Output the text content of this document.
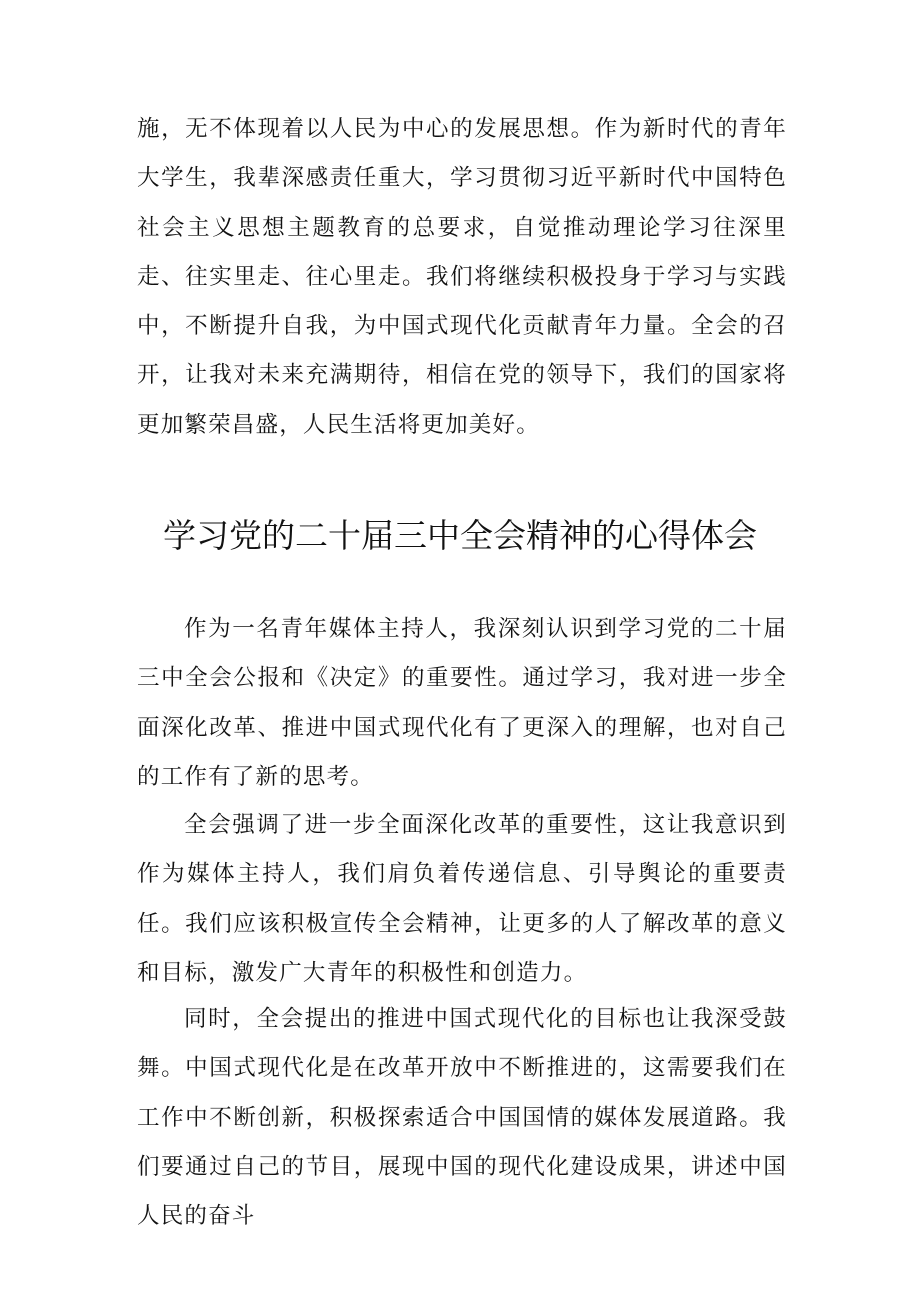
施，无不体现着以人民为中心的发展思想。作为新时代的青年大学生，我辈深感责任重大，学习贯彻习近平新时代中国特色社会主义思想主题教育的总要求，自觉推动理论学习往深里走、往实里走、往心里走。我们将继续积极投身于学习与实践中，不断提升自我，为中国式现代化贡献青年力量。全会的召开，让我对未来充满期待，相信在党的领导下，我们的国家将更加繁荣昌盛，人民生活将更加美好。

学习党的二十届三中全会精神的心得体会

作为一名青年媒体主持人，我深刻认识到学习党的二十届三中全会公报和《决定》的重要性。通过学习，我对进一步全面深化改革、推进中国式现代化有了更深入的理解，也对自己的工作有了新的思考。

全会强调了进一步全面深化改革的重要性，这让我意识到作为媒体主持人，我们肩负着传递信息、引导舆论的重要责任。我们应该积极宣传全会精神，让更多的人了解改革的意义和目标，激发广大青年的积极性和创造力。

同时，全会提出的推进中国式现代化的目标也让我深受鼓舞。中国式现代化是在改革开放中不断推进的，这需要我们在工作中不断创新，积极探索适合中国国情的媒体发展道路。我们要通过自己的节目，展现中国的现代化建设成果，讲述中国人民的奋斗
